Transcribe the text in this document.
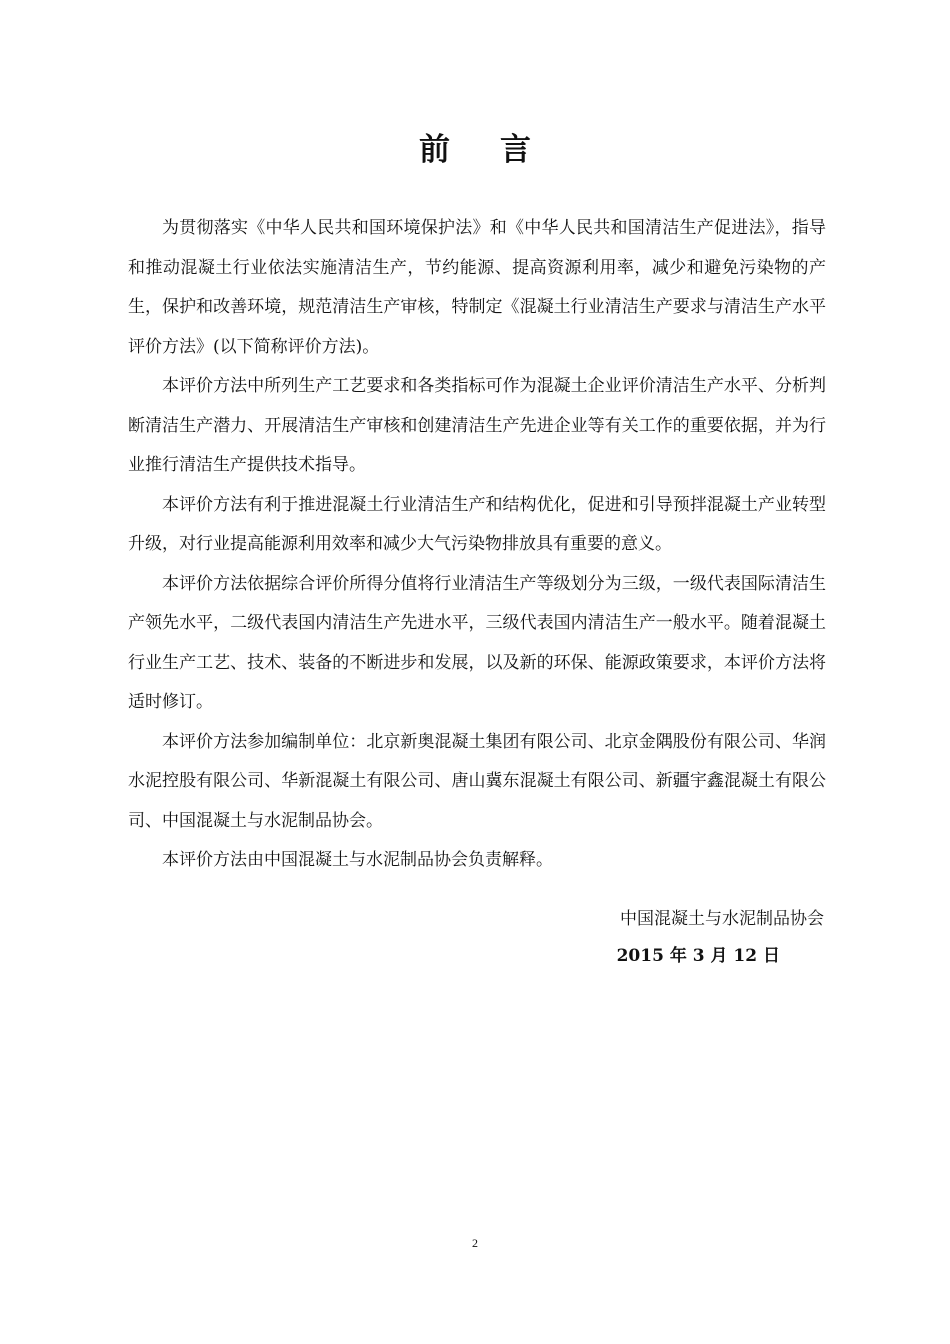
前言

为贯彻落实《中华人民共和国环境保护法》和《中华人民共和国清洁生产促进法》，指导和推动混凝土行业依法实施清洁生产，节约能源、提高资源利用率，减少和避免污染物的产生，保护和改善环境，规范清洁生产审核，特制定《混凝土行业清洁生产要求与清洁生产水平评价方法》(以下简称评价方法)。

本评价方法中所列生产工艺要求和各类指标可作为混凝土企业评价清洁生产水平、分析判断清洁生产潜力、开展清洁生产审核和创建清洁生产先进企业等有关工作的重要依据，并为行业推行清洁生产提供技术指导。

本评价方法有利于推进混凝土行业清洁生产和结构优化，促进和引导预拌混凝土产业转型升级，对行业提高能源利用效率和减少大气污染物排放具有重要的意义。

本评价方法依据综合评价所得分值将行业清洁生产等级划分为三级，一级代表国际清洁生产领先水平，二级代表国内清洁生产先进水平，三级代表国内清洁生产一般水平。随着混凝土行业生产工艺、技术、装备的不断进步和发展，以及新的环保、能源政策要求，本评价方法将适时修订。

本评价方法参加编制单位：北京新奥混凝土集团有限公司、北京金隅股份有限公司、华润水泥控股有限公司、华新混凝土有限公司、唐山冀东混凝土有限公司、新疆宇鑫混凝土有限公司、中国混凝土与水泥制品协会。

本评价方法由中国混凝土与水泥制品协会负责解释。

中国混凝土与水泥制品协会
2015 年 3 月 12 日
2
